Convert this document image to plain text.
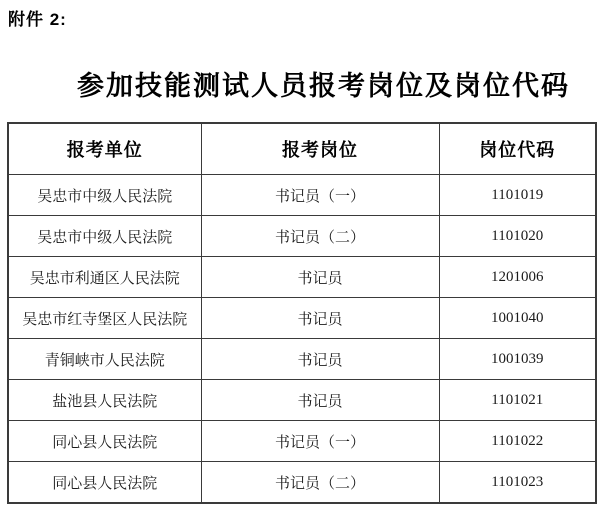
附件 2:
参加技能测试人员报考岗位及岗位代码
报考单位	报考岗位	岗位代码
吴忠市中级人民法院	书记员（一）	1101019
吴忠市中级人民法院	书记员（二）	1101020
吴忠市利通区人民法院	书记员	1201006
吴忠市红寺堡区人民法院	书记员	1001040
青铜峡市人民法院	书记员	1001039
盐池县人民法院	书记员	1101021
同心县人民法院	书记员（一）	1101022
同心县人民法院	书记员（二）	1101023
